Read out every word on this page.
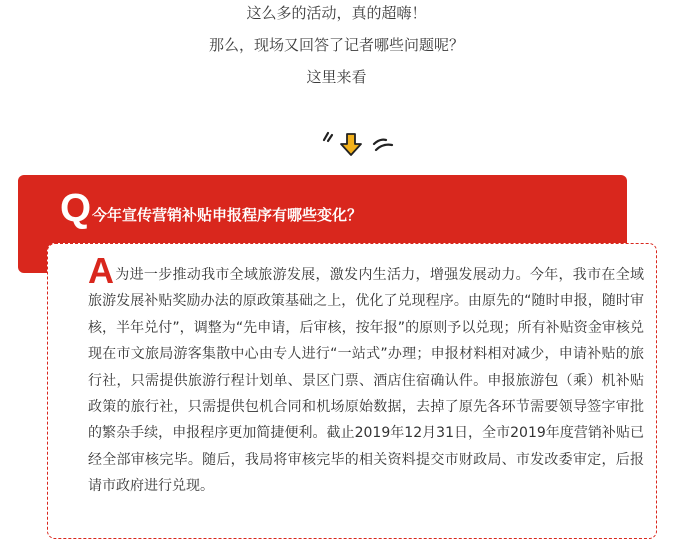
这么多的活动，真的超嗨！

那么，现场又回答了记者哪些问题呢？

这里来看

Q 今年宣传营销补贴申报程序有哪些变化？
A为进一步推动我市全域旅游发展，激发内生活力，增强发展动力。今年，我市在全域旅游发展补贴奖励办法的原政策基础之上，优化了兑现程序。由原先的“随时申报，随时审核，半年兑付”，调整为“先申请，后审核，按年报”的原则予以兑现；所有补贴资金审核兑现在市文旅局游客集散中心由专人进行“一站式”办理；申报材料相对减少，申请补贴的旅行社，只需提供旅游行程计划单、景区门票、酒店住宿确认件。申报旅游包（乘）机补贴政策的旅行社，只需提供包机合同和机场原始数据，去掉了原先各环节需要领导签字审批的繁杂手续，申报程序更加简捷便利。截止2019年12月31日，全市2019年度营销补贴已经全部审核完毕。随后，我局将审核完毕的相关资料提交市财政局、市发改委审定，后报请市政府进行兑现。
